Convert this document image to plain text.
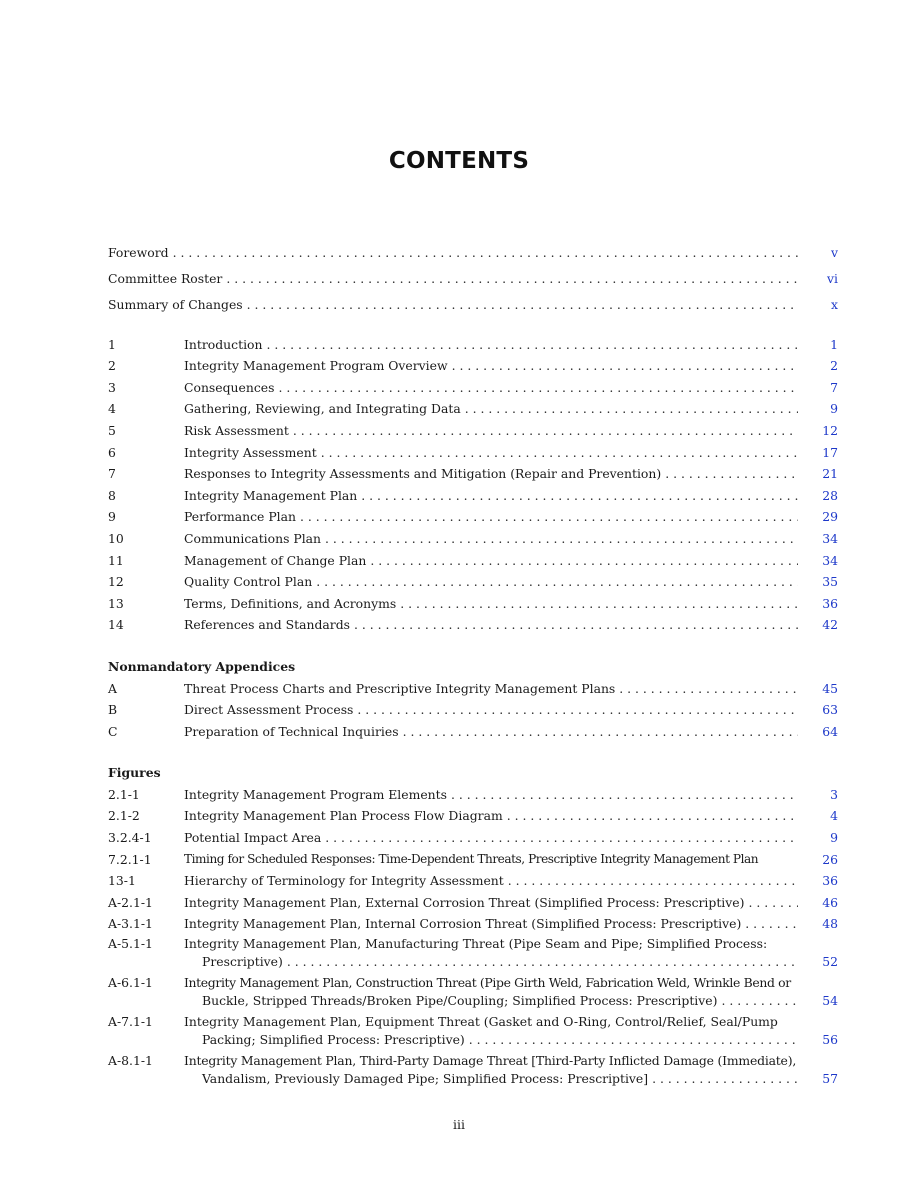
CONTENTS
Foreword . . .	v
Committee Roster . . .	vi
Summary of Changes . . .	x
1	Introduction . . .	1
2	Integrity Management Program Overview . . .	2
3	Consequences . . .	7
4	Gathering, Reviewing, and Integrating Data . . .	9
5	Risk Assessment . . .	12
6	Integrity Assessment . . .	17
7	Responses to Integrity Assessments and Mitigation (Repair and Prevention) . . .	21
8	Integrity Management Plan . . .	28
9	Performance Plan . . .	29
10	Communications Plan . . .	34
11	Management of Change Plan . . .	34
12	Quality Control Plan . . .	35
13	Terms, Definitions, and Acronyms . . .	36
14	References and Standards . . .	42
Nonmandatory Appendices
A	Threat Process Charts and Prescriptive Integrity Management Plans . . .	45
B	Direct Assessment Process . . .	63
C	Preparation of Technical Inquiries . . .	64
Figures
2.1-1	Integrity Management Program Elements . . .	3
2.1-2	Integrity Management Plan Process Flow Diagram . . .	4
3.2.4-1	Potential Impact Area . . .	9
7.2.1-1	Timing for Scheduled Responses: Time-Dependent Threats, Prescriptive Integrity Management Plan	26
13-1	Hierarchy of Terminology for Integrity Assessment . . .	36
A-2.1-1	Integrity Management Plan, External Corrosion Threat (Simplified Process: Prescriptive) . . .	46
A-3.1-1	Integrity Management Plan, Internal Corrosion Threat (Simplified Process: Prescriptive) . . .	48
A-5.1-1	Integrity Management Plan, Manufacturing Threat (Pipe Seam and Pipe; Simplified Process:
Prescriptive) . . .	52
A-6.1-1	Integrity Management Plan, Construction Threat (Pipe Girth Weld, Fabrication Weld, Wrinkle Bend or
Buckle, Stripped Threads/Broken Pipe/Coupling; Simplified Process: Prescriptive) . . .	54
A-7.1-1	Integrity Management Plan, Equipment Threat (Gasket and O-Ring, Control/Relief, Seal/Pump
Packing; Simplified Process: Prescriptive) . . .	56
A-8.1-1	Integrity Management Plan, Third-Party Damage Threat [Third-Party Inflicted Damage (Immediate),
Vandalism, Previously Damaged Pipe; Simplified Process: Prescriptive] . . .	57
iii
